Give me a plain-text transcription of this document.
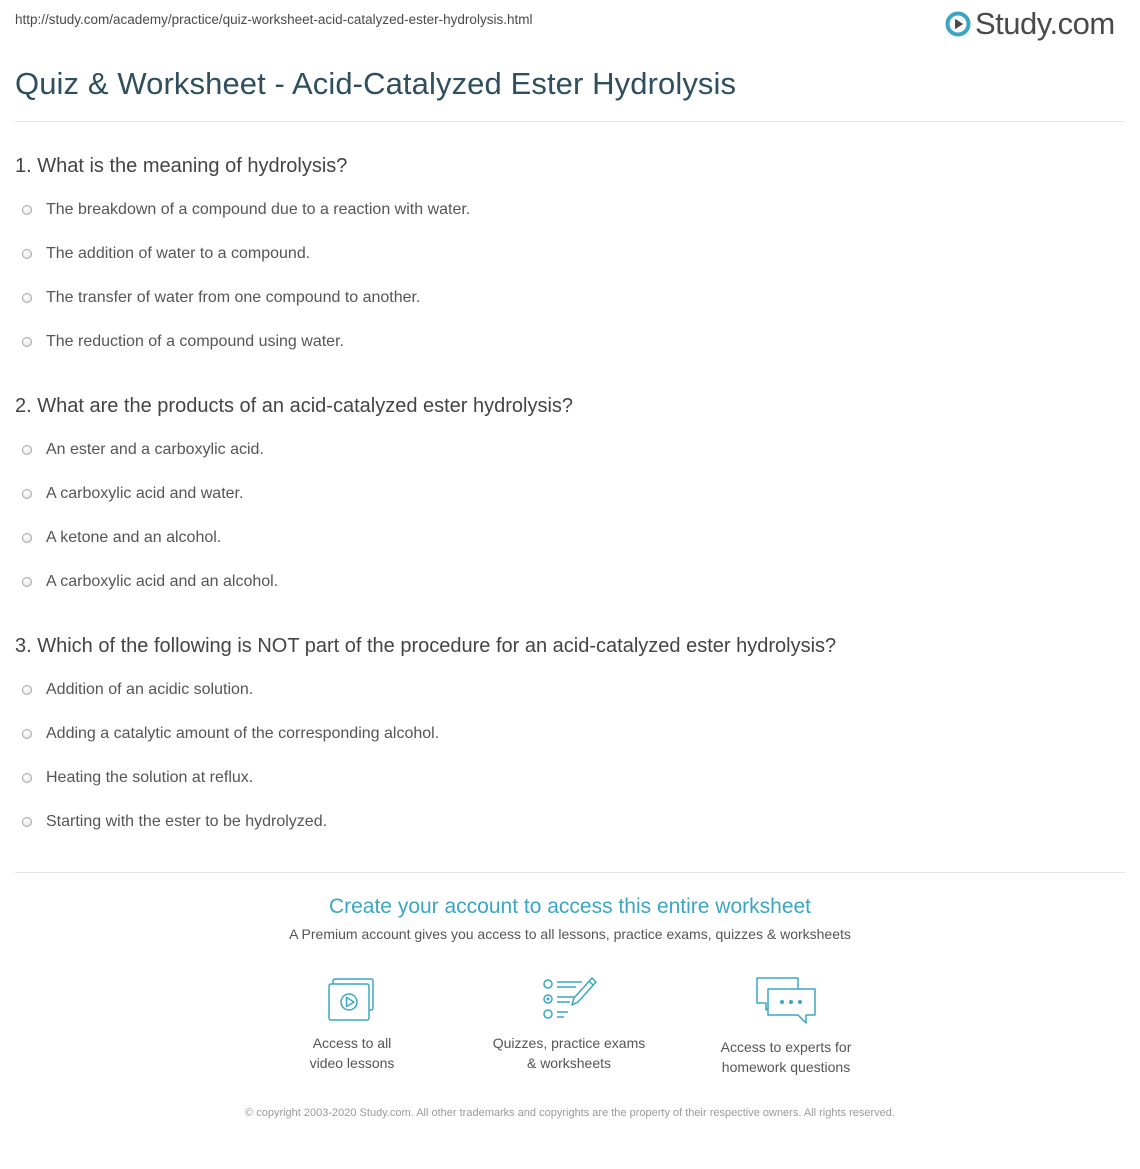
http://study.com/academy/practice/quiz-worksheet-acid-catalyzed-ester-hydrolysis.html	Study.com
Quiz & Worksheet - Acid-Catalyzed Ester Hydrolysis
1. What is the meaning of hydrolysis?
The breakdown of a compound due to a reaction with water.
The addition of water to a compound.
The transfer of water from one compound to another.
The reduction of a compound using water.
2. What are the products of an acid-catalyzed ester hydrolysis?
An ester and a carboxylic acid.
A carboxylic acid and water.
A ketone and an alcohol.
A carboxylic acid and an alcohol.
3. Which of the following is NOT part of the procedure for an acid-catalyzed ester hydrolysis?
Addition of an acidic solution.
Adding a catalytic amount of the corresponding alcohol.
Heating the solution at reflux.
Starting with the ester to be hydrolyzed.
Create your account to access this entire worksheet
A Premium account gives you access to all lessons, practice exams, quizzes & worksheets
Access to all
video lessons
Quizzes, practice exams
& worksheets
Access to experts for
homework questions
© copyright 2003-2020 Study.com. All other trademarks and copyrights are the property of their respective owners. All rights reserved.
